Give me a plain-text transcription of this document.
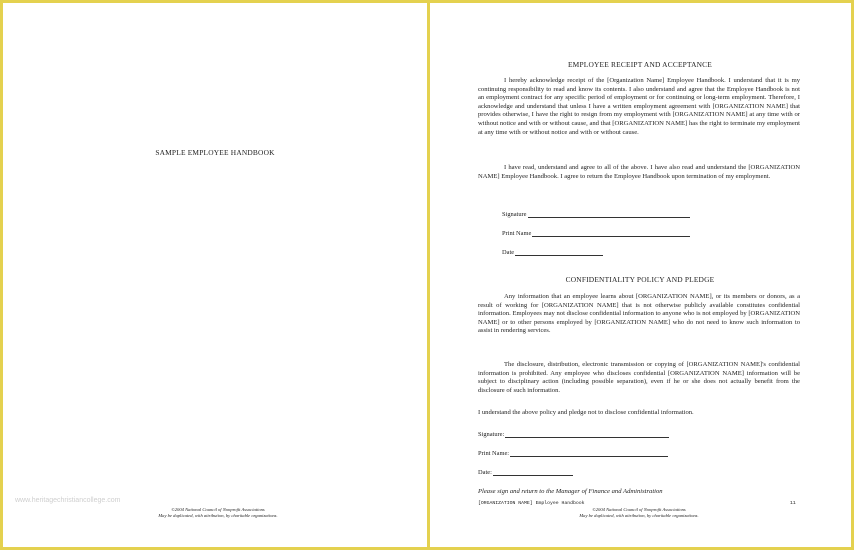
SAMPLE EMPLOYEE HANDBOOK
www.heritagechristiancollege.com
©2004 National Council of Nonprofit Associations
May be duplicated, with attribution, by charitable organizations.
EMPLOYEE RECEIPT AND ACCEPTANCE

I hereby acknowledge receipt of the [Organization Name] Employee Handbook. I understand that it is my continuing responsibility to read and know its contents. I also understand and agree that the Employee Handbook is not an employment contract for any specific period of employment or for continuing or long-term employment. Therefore, I acknowledge and understand that unless I have a written employment agreement with [ORGANIZATION NAME] that provides otherwise, I have the right to resign from my employment with [ORGANIZATION NAME] at any time with or without notice and with or without cause, and that [ORGANIZATION NAME] has the right to terminate my employment at any time with or without notice and with or without cause.

I have read, understand and agree to all of the above. I have also read and understand the [ORGANIZATION NAME] Employee Handbook. I agree to return the Employee Handbook upon termination of my employment.

Signature
Print Name
Date
CONFIDENTIALITY POLICY AND PLEDGE

Any information that an employee learns about [ORGANIZATION NAME], or its members or donors, as a result of working for [ORGANIZATION NAME] that is not otherwise publicly available constitutes confidential information. Employees may not disclose confidential information to anyone who is not employed by [ORGANIZATION NAME] or to other persons employed by [ORGANIZATION NAME] who do not need to know such information to assist in rendering services.

The disclosure, distribution, electronic transmission or copying of [ORGANIZATION NAME]'s confidential information is prohibited. Any employee who discloses confidential [ORGANIZATION NAME] information will be subject to disciplinary action (including possible separation), even if he or she does not actually benefit from the disclosure of such information.

I understand the above policy and pledge not to disclose confidential information.

Signature:
Print Name:
Date:
Please sign and return to the Manager of Finance and Administration
[ORGANIZATION NAME] Employee Handbook	11
©2004 National Council of Nonprofit Associations
May be duplicated, with attribution, by charitable organizations.
